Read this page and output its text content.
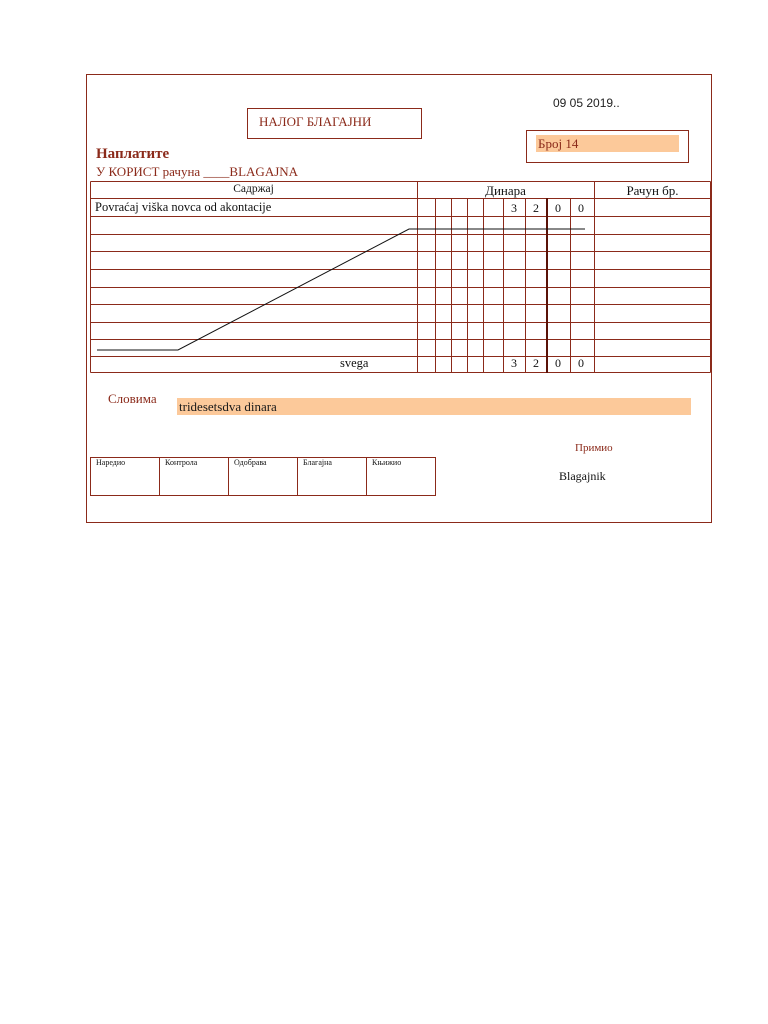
09 05 2019..
НАЛОГ БЛАГАЈНИ
Број 14
Наплатите
У КОРИСТ рачуна ____BLAGAJNA
Садржај	Динара	Рачун бр.
Povraćaj viška novca od akontacije	3	2	0	0
svega	3	2	0	0
Словима
tridesetsdva dinara
Примио
Blagajnik
Наредио	Контрола	Одобрава	Благајна	Књижио
